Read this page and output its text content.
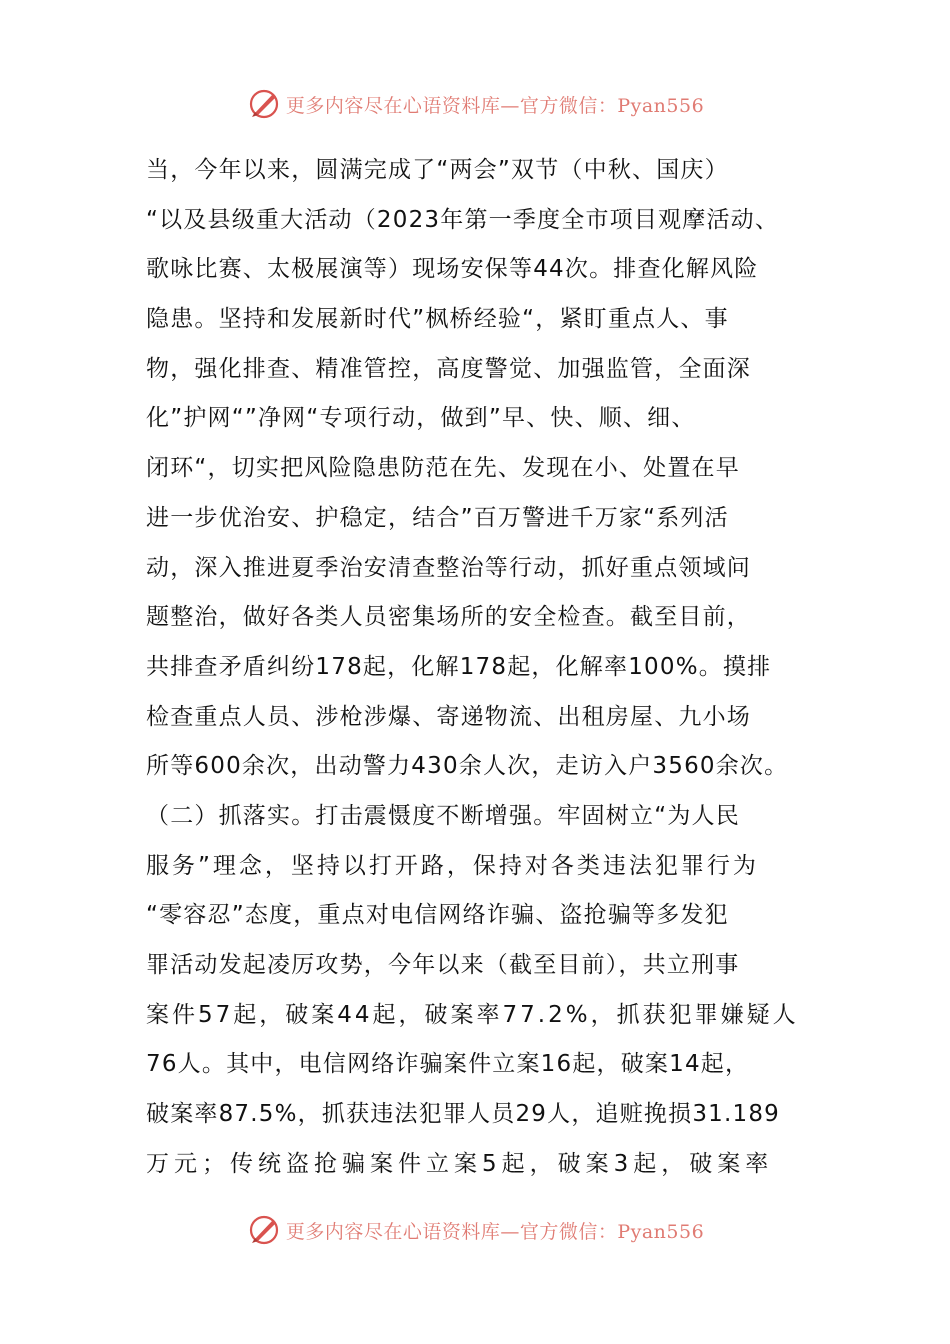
更多内容尽在心语资料库—官方微信：Pyan556
当，今年以来，圆满完成了“两会”双节（中秋、国庆）
“以及县级重大活动（2023年第一季度全市项目观摩活动、
歌咏比赛、太极展演等）现场安保等44次。排查化解风险
隐患。坚持和发展新时代”枫桥经验“，紧盯重点人、事
物，强化排查、精准管控，高度警觉、加强监管，全面深
化”护网“”净网“专项行动，做到”早、快、顺、细、
闭环“，切实把风险隐患防范在先、发现在小、处置在早
进一步优治安、护稳定，结合”百万警进千万家“系列活
动，深入推进夏季治安清查整治等行动，抓好重点领域问
题整治，做好各类人员密集场所的安全检查。截至目前，
共排查矛盾纠纷178起，化解178起，化解率100%。摸排
检查重点人员、涉枪涉爆、寄递物流、出租房屋、九小场
所等600余次，出动警力430余人次，走访入户3560余次。
（二）抓落实。打击震慑度不断增强。牢固树立“为人民
服务”理念，坚持以打开路，保持对各类违法犯罪行为
“零容忍”态度，重点对电信网络诈骗、盗抢骗等多发犯
罪活动发起凌厉攻势，今年以来（截至目前），共立刑事
案件57起，破案44起，破案率77.2%，抓获犯罪嫌疑人
76人。其中，电信网络诈骗案件立案16起，破案14起，
破案率87.5%，抓获违法犯罪人员29人，追赃挽损31.189
万元；传统盗抢骗案件立案5起，破案3起，破案率
更多内容尽在心语资料库—官方微信：Pyan556
